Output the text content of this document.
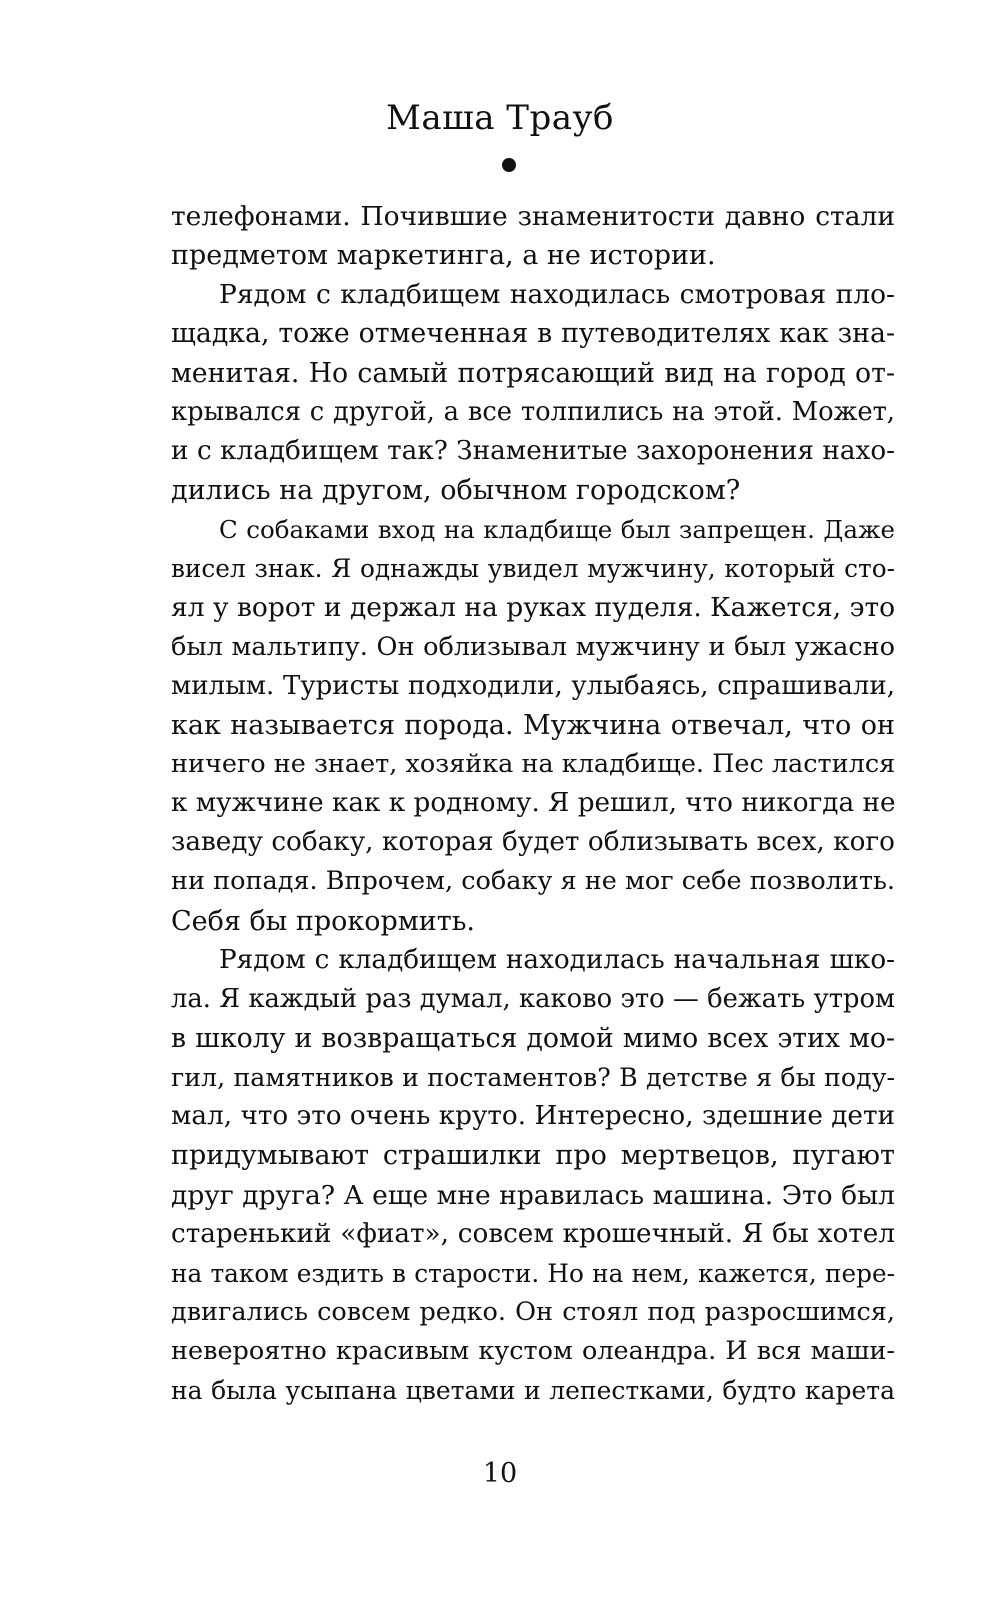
Маша Трауб
телефонами. Почившие знаменитости давно стали
предметом маркетинга, а не истории.
Рядом с кладбищем находилась смотровая пло-
щадка, тоже отмеченная в путеводителях как зна-
менитая. Но самый потрясающий вид на город от-
крывался с другой, а все толпились на этой. Может,
и с кладбищем так? Знаменитые захоронения нахо-
дились на другом, обычном городском?
С собаками вход на кладбище был запрещен. Даже
висел знак. Я однажды увидел мужчину, который сто-
ял у ворот и держал на руках пуделя. Кажется, это
был мальтипу. Он облизывал мужчину и был ужасно
милым. Туристы подходили, улыбаясь, спрашивали,
как называется порода. Мужчина отвечал, что он
ничего не знает, хозяйка на кладбище. Пес ластился
к мужчине как к родному. Я решил, что никогда не
заведу собаку, которая будет облизывать всех, кого
ни попадя. Впрочем, собаку я не мог себе позволить.
Себя бы прокормить.
Рядом с кладбищем находилась начальная шко-
ла. Я каждый раз думал, каково это — бежать утром
в школу и возвращаться домой мимо всех этих мо-
гил, памятников и постаментов? В детстве я бы поду-
мал, что это очень круто. Интересно, здешние дети
придумывают страшилки про мертвецов, пугают
друг друга? А еще мне нравилась машина. Это был
старенький «фиат», совсем крошечный. Я бы хотел
на таком ездить в старости. Но на нем, кажется, пере-
двигались совсем редко. Он стоял под разросшимся,
невероятно красивым кустом олеандра. И вся маши-
на была усыпана цветами и лепестками, будто карета
10
